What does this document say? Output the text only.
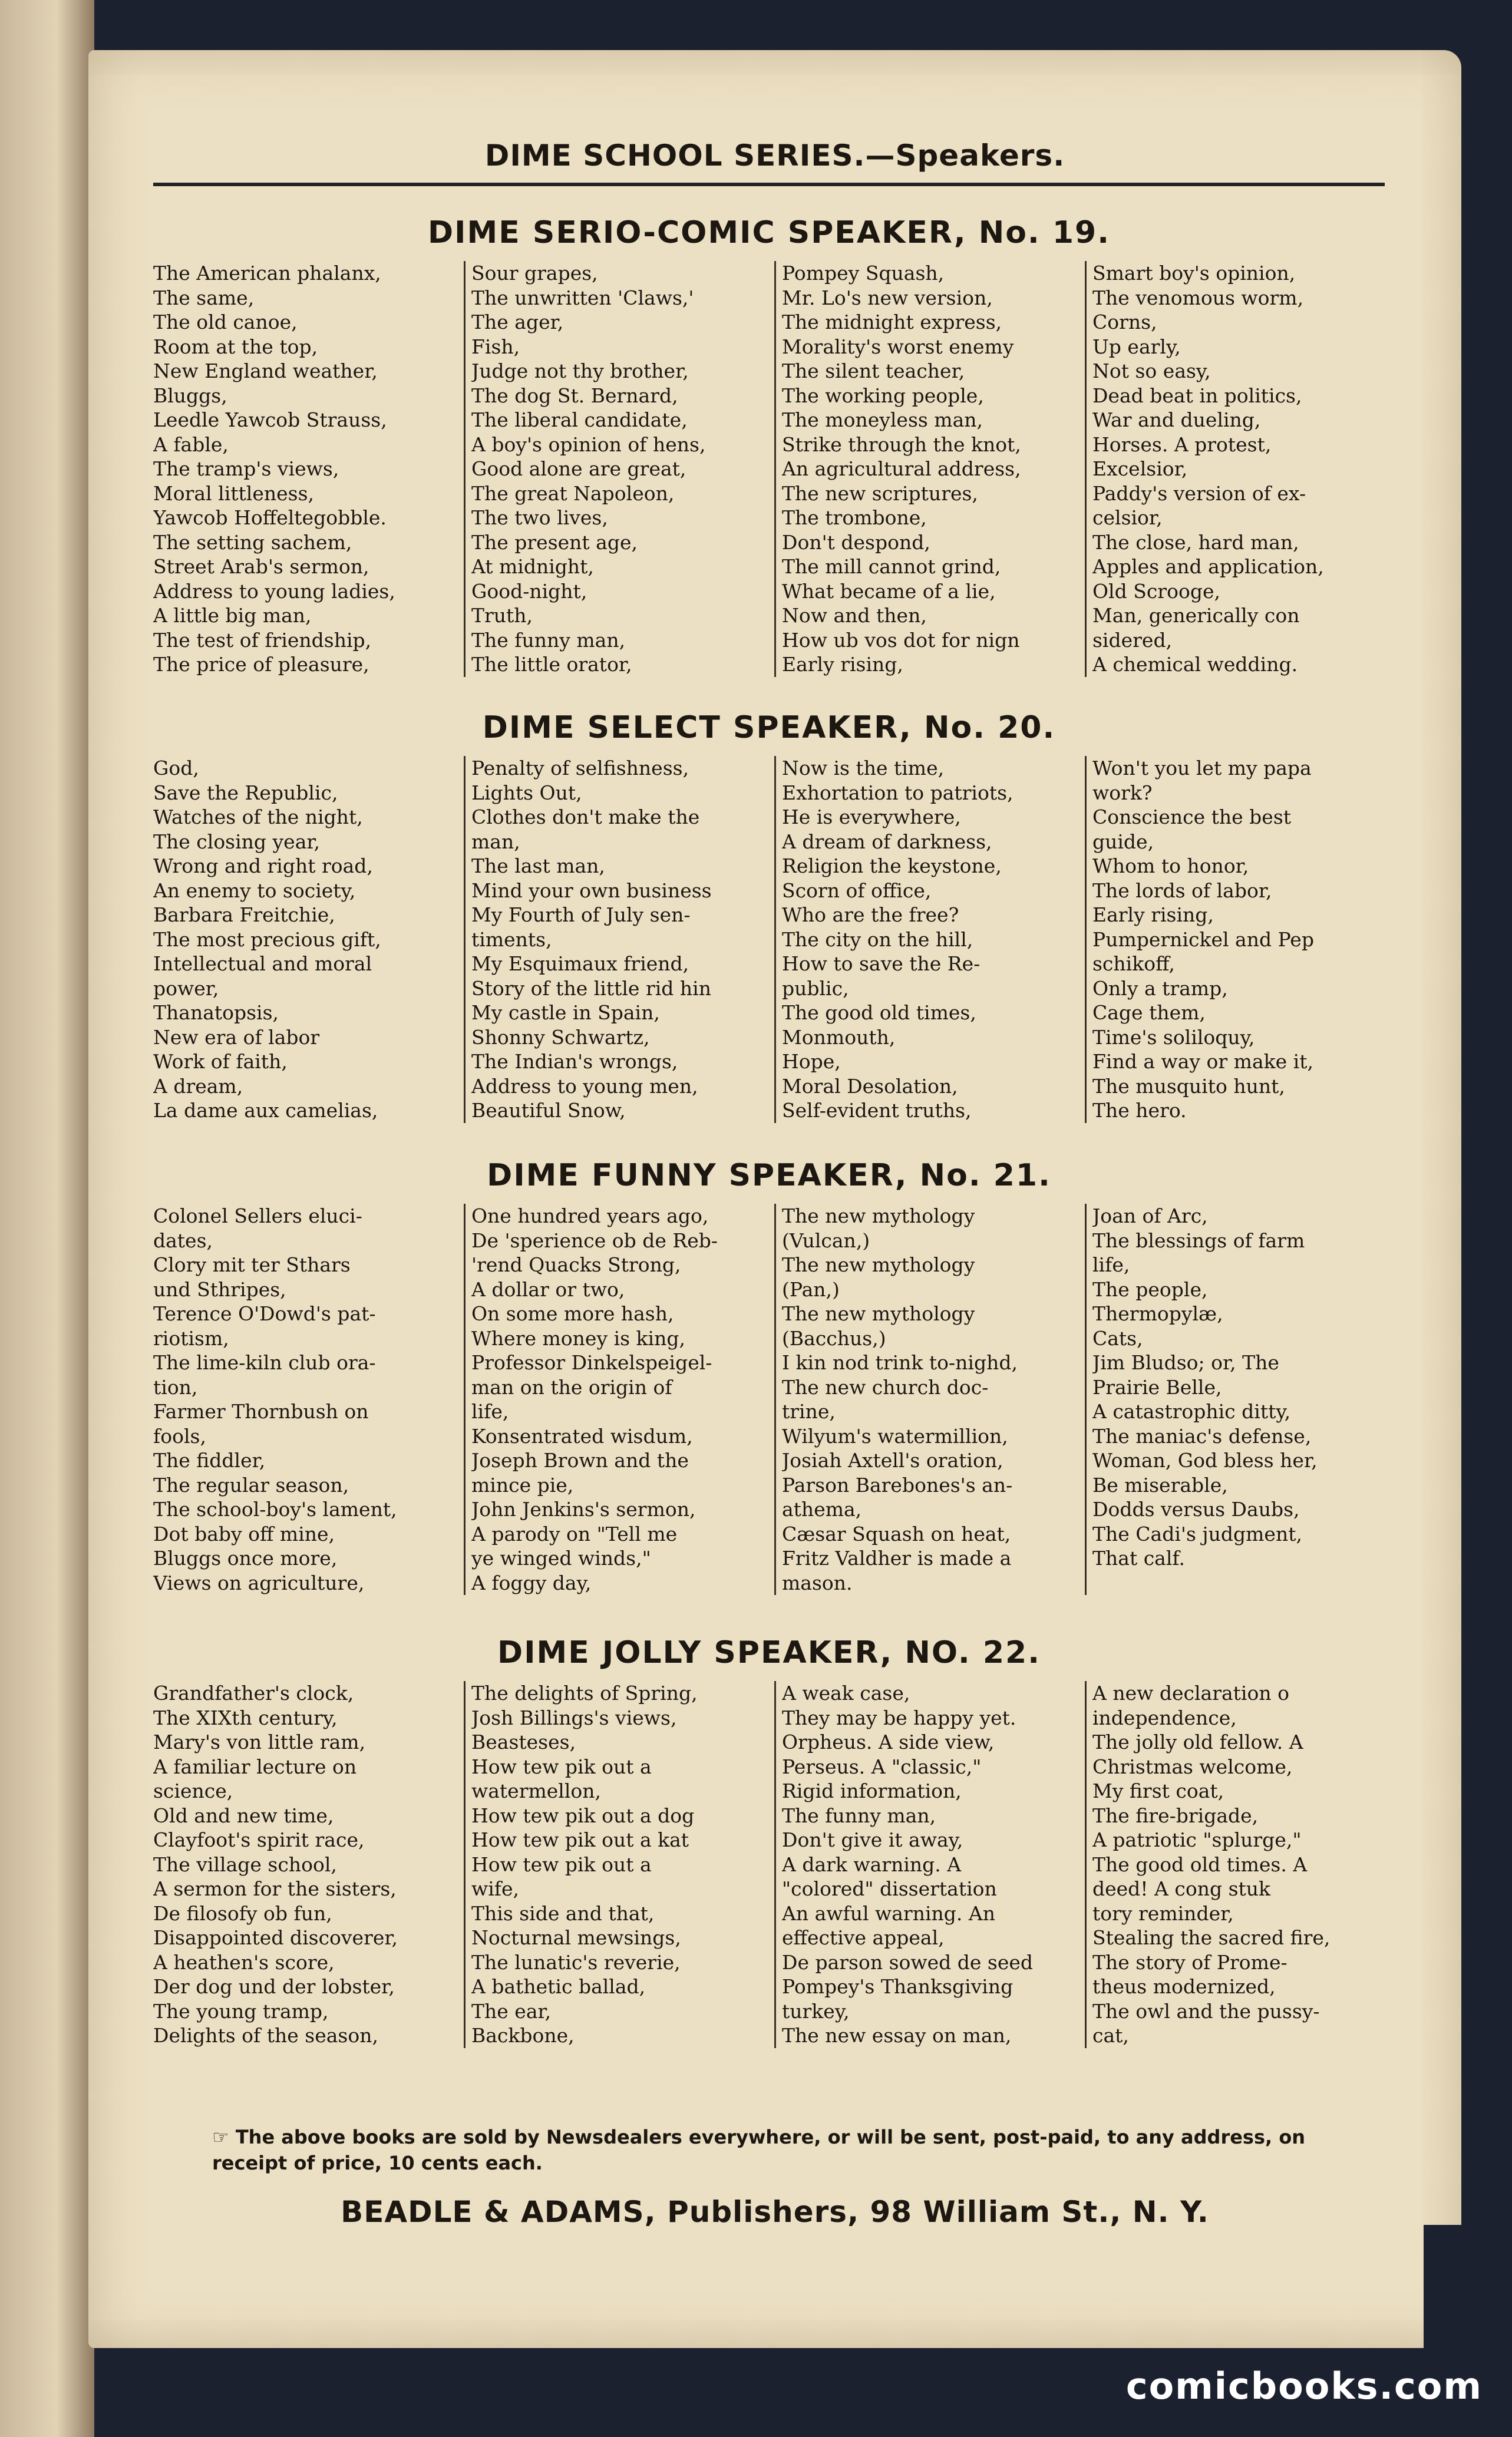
DIME SCHOOL SERIES.—Speakers.
DIME SERIO-COMIC SPEAKER, No. 19.
The American phalanx,
The same,
The old canoe,
Room at the top,
New England weather,
Bluggs,
Leedle Yawcob Strauss,
A fable,
The tramp's views,
Moral littleness,
Yawcob Hoffeltegobble.
The setting sachem,
Street Arab's sermon,
Address to young ladies,
A little big man,
The test of friendship,
The price of pleasure,
Sour grapes,
The unwritten 'Claws,'
The ager,
Fish,
Judge not thy brother,
The dog St. Bernard,
The liberal candidate,
A boy's opinion of hens,
Good alone are great,
The great Napoleon,
The two lives,
The present age,
At midnight,
Good-night,
Truth,
The funny man,
The little orator,
Pompey Squash,
Mr. Lo's new version,
The midnight express,
Morality's worst enemy
The silent teacher,
The working people,
The moneyless man,
Strike through the knot,
An agricultural address,
The new scriptures,
The trombone,
Don't despond,
The mill cannot grind,
What became of a lie,
Now and then,
How ub vos dot for nign
Early rising,
Smart boy's opinion,
The venomous worm,
Corns,
Up early,
Not so easy,
Dead beat in politics,
War and dueling,
Horses. A protest,
Excelsior,
Paddy's version of ex-
celsior,
The close, hard man,
Apples and application,
Old Scrooge,
Man, generically con
sidered,
A chemical wedding.
DIME SELECT SPEAKER, No. 20.
God,
Save the Republic,
Watches of the night,
The closing year,
Wrong and right road,
An enemy to society,
Barbara Freitchie,
The most precious gift,
Intellectual and moral
power,
Thanatopsis,
New era of labor
Work of faith,
A dream,
La dame aux camelias,
Penalty of selfishness,
Lights Out,
Clothes don't make the
man,
The last man,
Mind your own business
My Fourth of July sen-
timents,
My Esquimaux friend,
Story of the little rid hin
My castle in Spain,
Shonny Schwartz,
The Indian's wrongs,
Address to young men,
Beautiful Snow,
Now is the time,
Exhortation to patriots,
He is everywhere,
A dream of darkness,
Religion the keystone,
Scorn of office,
Who are the free?
The city on the hill,
How to save the Re-
public,
The good old times,
Monmouth,
Hope,
Moral Desolation,
Self-evident truths,
Won't you let my papa
work?
Conscience the best
guide,
Whom to honor,
The lords of labor,
Early rising,
Pumpernickel and Pep
schikoff,
Only a tramp,
Cage them,
Time's soliloquy,
Find a way or make it,
The musquito hunt,
The hero.
DIME FUNNY SPEAKER, No. 21.
Colonel Sellers eluci-
dates,
Clory mit ter Sthars
und Sthripes,
Terence O'Dowd's pat-
riotism,
The lime-kiln club ora-
tion,
Farmer Thornbush on
fools,
The fiddler,
The regular season,
The school-boy's lament,
Dot baby off mine,
Bluggs once more,
Views on agriculture,
One hundred years ago,
De 'sperience ob de Reb-
'rend Quacks Strong,
A dollar or two,
On some more hash,
Where money is king,
Professor Dinkelspeigel-
man on the origin of
life,
Konsentrated wisdum,
Joseph Brown and the
mince pie,
John Jenkins's sermon,
A parody on "Tell me
ye winged winds,"
A foggy day,
The new mythology
(Vulcan,)
The new mythology
(Pan,)
The new mythology
(Bacchus,)
I kin nod trink to-nighd,
The new church doc-
trine,
Wilyum's watermillion,
Josiah Axtell's oration,
Parson Barebones's an-
athema,
Cæsar Squash on heat,
Fritz Valdher is made a
mason.
Joan of Arc,
The blessings of farm
life,
The people,
Thermopylæ,
Cats,
Jim Bludso; or, The
Prairie Belle,
A catastrophic ditty,
The maniac's defense,
Woman, God bless her,
Be miserable,
Dodds versus Daubs,
The Cadi's judgment,
That calf.
DIME JOLLY SPEAKER, NO. 22.
Grandfather's clock,
The XIXth century,
Mary's von little ram,
A familiar lecture on
science,
Old and new time,
Clayfoot's spirit race,
The village school,
A sermon for the sisters,
De filosofy ob fun,
Disappointed discoverer,
A heathen's score,
Der dog und der lobster,
The young tramp,
Delights of the season,
The delights of Spring,
Josh Billings's views,
Beasteses,
How tew pik out a
watermellon,
How tew pik out a dog
How tew pik out a kat
How tew pik out a
wife,
This side and that,
Nocturnal mewsings,
The lunatic's reverie,
A bathetic ballad,
The ear,
Backbone,
A weak case,
They may be happy yet.
Orpheus. A side view,
Perseus. A "classic,"
Rigid information,
The funny man,
Don't give it away,
A dark warning. A
"colored" dissertation
An awful warning. An
effective appeal,
De parson sowed de seed
Pompey's Thanksgiving
turkey,
The new essay on man,
A new declaration o
independence,
The jolly old fellow. A
Christmas welcome,
My first coat,
The fire-brigade,
A patriotic "splurge,"
The good old times. A
deed! A cong stuk
tory reminder,
Stealing the sacred fire,
The story of Prome-
theus modernized,
The owl and the pussy-
cat,
☞ The above books are sold by Newsdealers everywhere, or will be sent, post-paid, to any address, on receipt of price, 10 cents each.
BEADLE & ADAMS, Publishers, 98 William St., N. Y.
comicbooks.com
